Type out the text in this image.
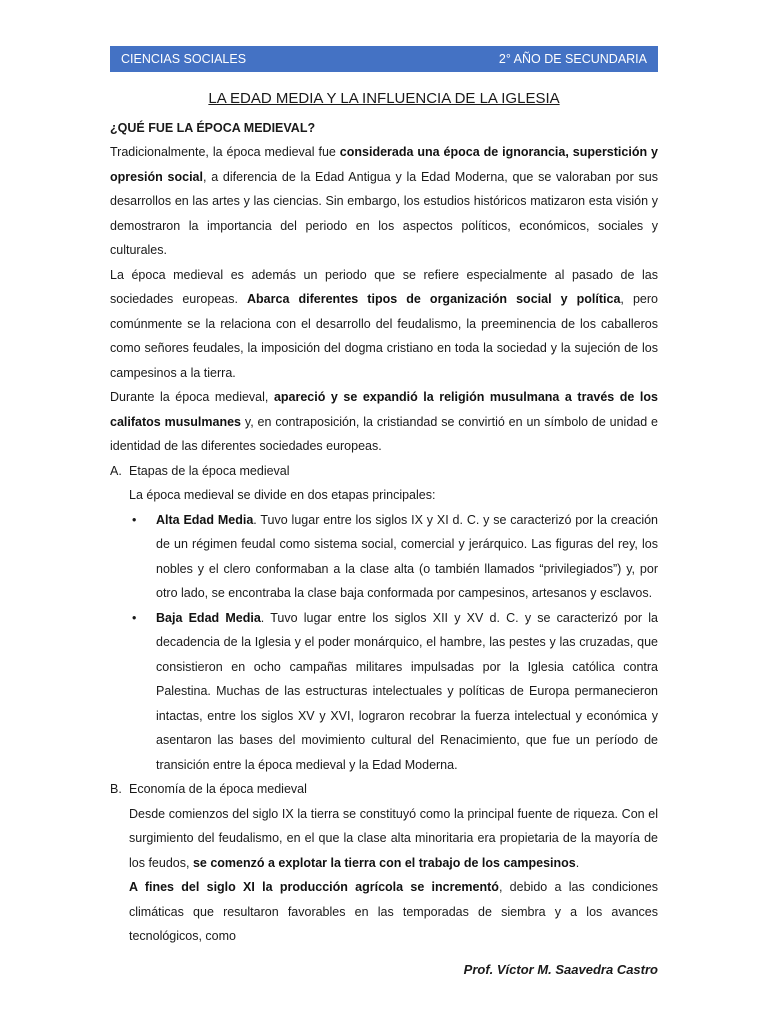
CIENCIAS SOCIALES	2° AÑO DE SECUNDARIA
LA EDAD MEDIA Y LA INFLUENCIA DE LA IGLESIA
¿QUÉ FUE LA ÉPOCA MEDIEVAL?

Tradicionalmente, la época medieval fue considerada una época de ignorancia, superstición y opresión social, a diferencia de la Edad Antigua y la Edad Moderna, que se valoraban por sus desarrollos en las artes y las ciencias. Sin embargo, los estudios históricos matizaron esta visión y demostraron la importancia del periodo en los aspectos políticos, económicos, sociales y culturales.

La época medieval es además un periodo que se refiere especialmente al pasado de las sociedades europeas. Abarca diferentes tipos de organización social y política, pero comúnmente se la relaciona con el desarrollo del feudalismo, la preeminencia de los caballeros como señores feudales, la imposición del dogma cristiano en toda la sociedad y la sujeción de los campesinos a la tierra.

Durante la época medieval, apareció y se expandió la religión musulmana a través de los califatos musulmanes y, en contraposición, la cristiandad se convirtió en un símbolo de unidad e identidad de las diferentes sociedades europeas.

A. Etapas de la época medieval

La época medieval se divide en dos etapas principales:

• Alta Edad Media. Tuvo lugar entre los siglos IX y XI d. C. y se caracterizó por la creación de un régimen feudal como sistema social, comercial y jerárquico. Las figuras del rey, los nobles y el clero conformaban a la clase alta (o también llamados “privilegiados”) y, por otro lado, se encontraba la clase baja conformada por campesinos, artesanos y esclavos.

• Baja Edad Media. Tuvo lugar entre los siglos XII y XV d. C. y se caracterizó por la decadencia de la Iglesia y el poder monárquico, el hambre, las pestes y las cruzadas, que consistieron en ocho campañas militares impulsadas por la Iglesia católica contra Palestina. Muchas de las estructuras intelectuales y políticas de Europa permanecieron intactas, entre los siglos XV y XVI, lograron recobrar la fuerza intelectual y económica y asentaron las bases del movimiento cultural del Renacimiento, que fue un período de transición entre la época medieval y la Edad Moderna.

B. Economía de la época medieval

Desde comienzos del siglo IX la tierra se constituyó como la principal fuente de riqueza. Con el surgimiento del feudalismo, en el que la clase alta minoritaria era propietaria de la mayoría de los feudos, se comenzó a explotar la tierra con el trabajo de los campesinos.

A fines del siglo XI la producción agrícola se incrementó, debido a las condiciones climáticas que resultaron favorables en las temporadas de siembra y a los avances tecnológicos, como

Prof. Víctor M. Saavedra Castro
